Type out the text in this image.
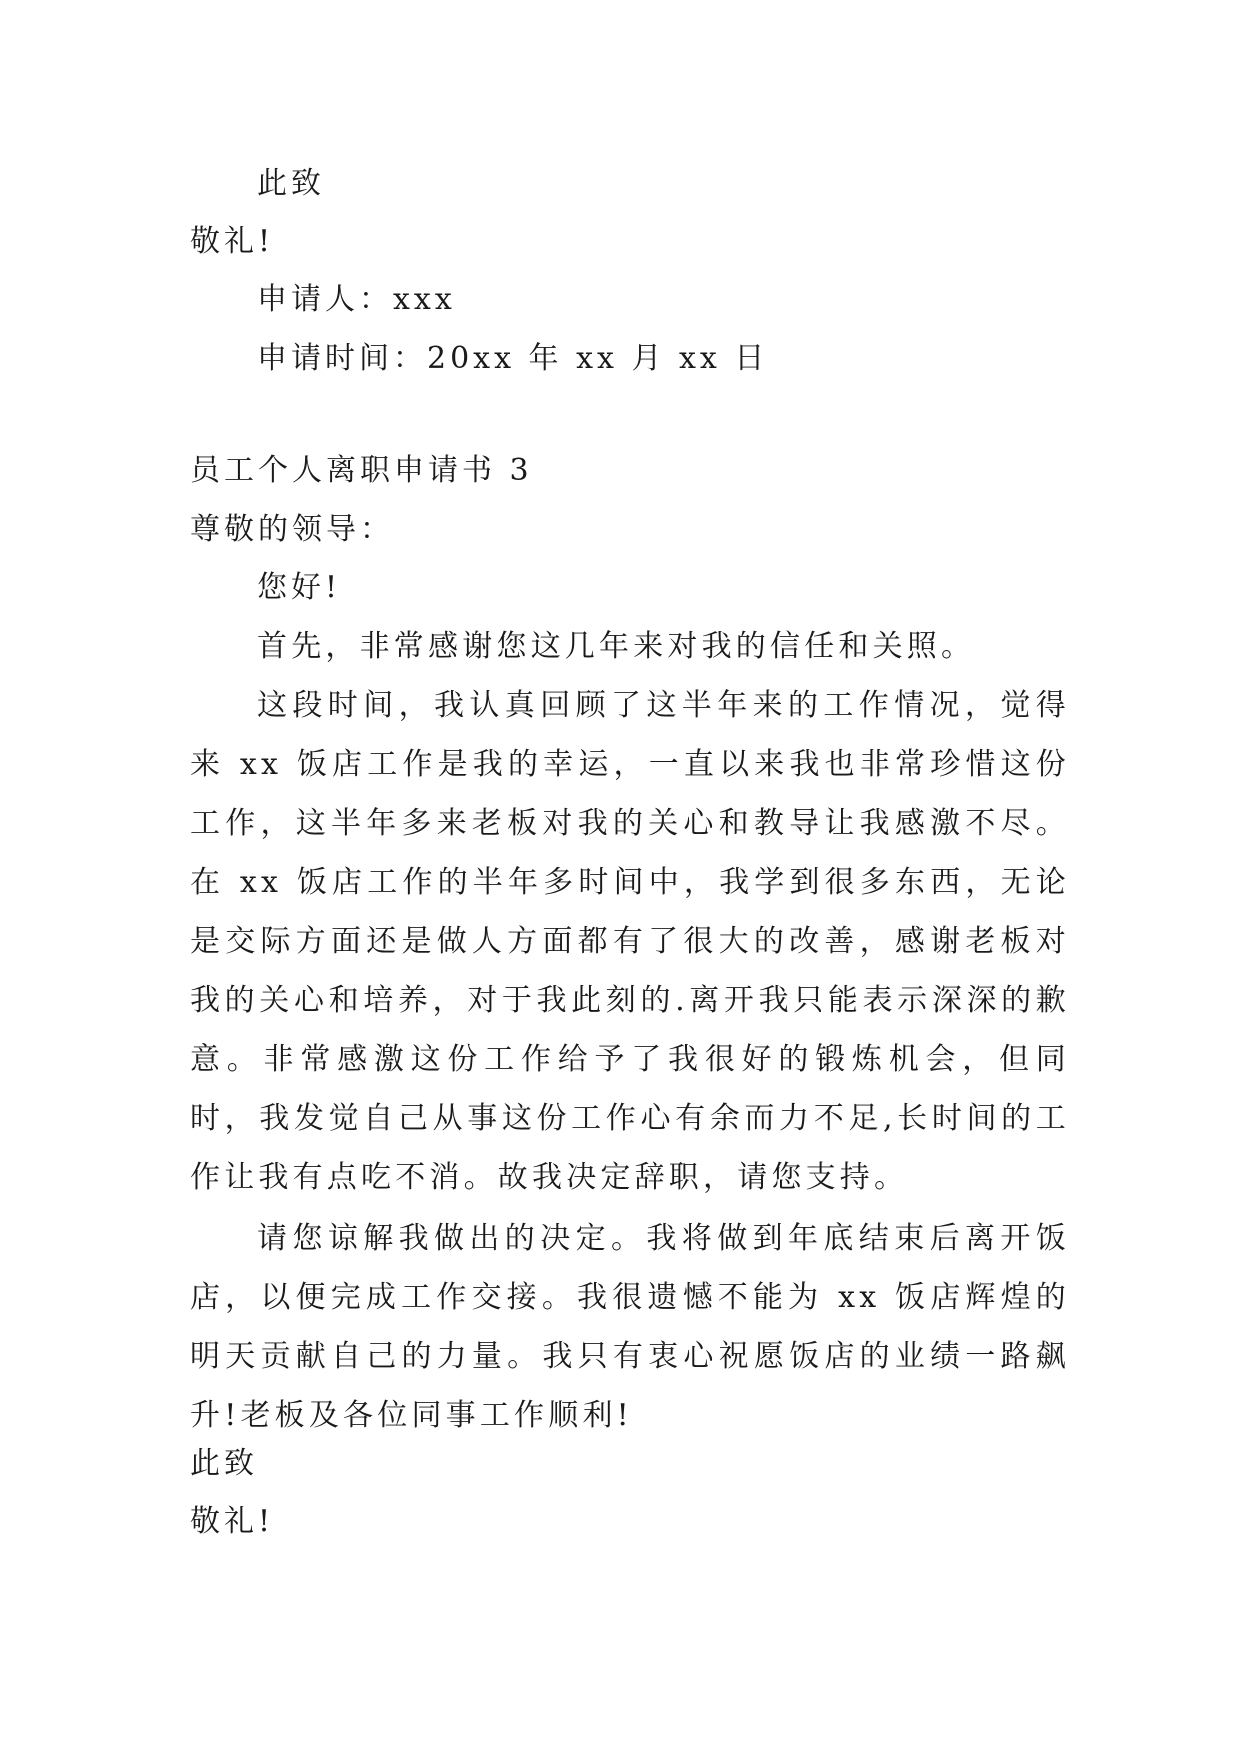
此致
敬礼!
申请人：xxx
申请时间：20xx 年 xx 月 xx 日
员工个人离职申请书 3
尊敬的领导：
您好!
首先，非常感谢您这几年来对我的信任和关照。
这段时间，我认真回顾了这半年来的工作情况，觉得来 xx 饭店工作是我的幸运，一直以来我也非常珍惜这份工作，这半年多来老板对我的关心和教导让我感激不尽。在 xx 饭店工作的半年多时间中，我学到很多东西，无论是交际方面还是做人方面都有了很大的改善，感谢老板对我的关心和培养，对于我此刻的.离开我只能表示深深的歉意。非常感激这份工作给予了我很好的锻炼机会，但同时，我发觉自己从事这份工作心有余而力不足,长时间的工作让我有点吃不消。故我决定辞职，请您支持。
请您谅解我做出的决定。我将做到年底结束后离开饭店，以便完成工作交接。我很遗憾不能为 xx 饭店辉煌的明天贡献自己的力量。我只有衷心祝愿饭店的业绩一路飙升!老板及各位同事工作顺利!
此致
敬礼!
